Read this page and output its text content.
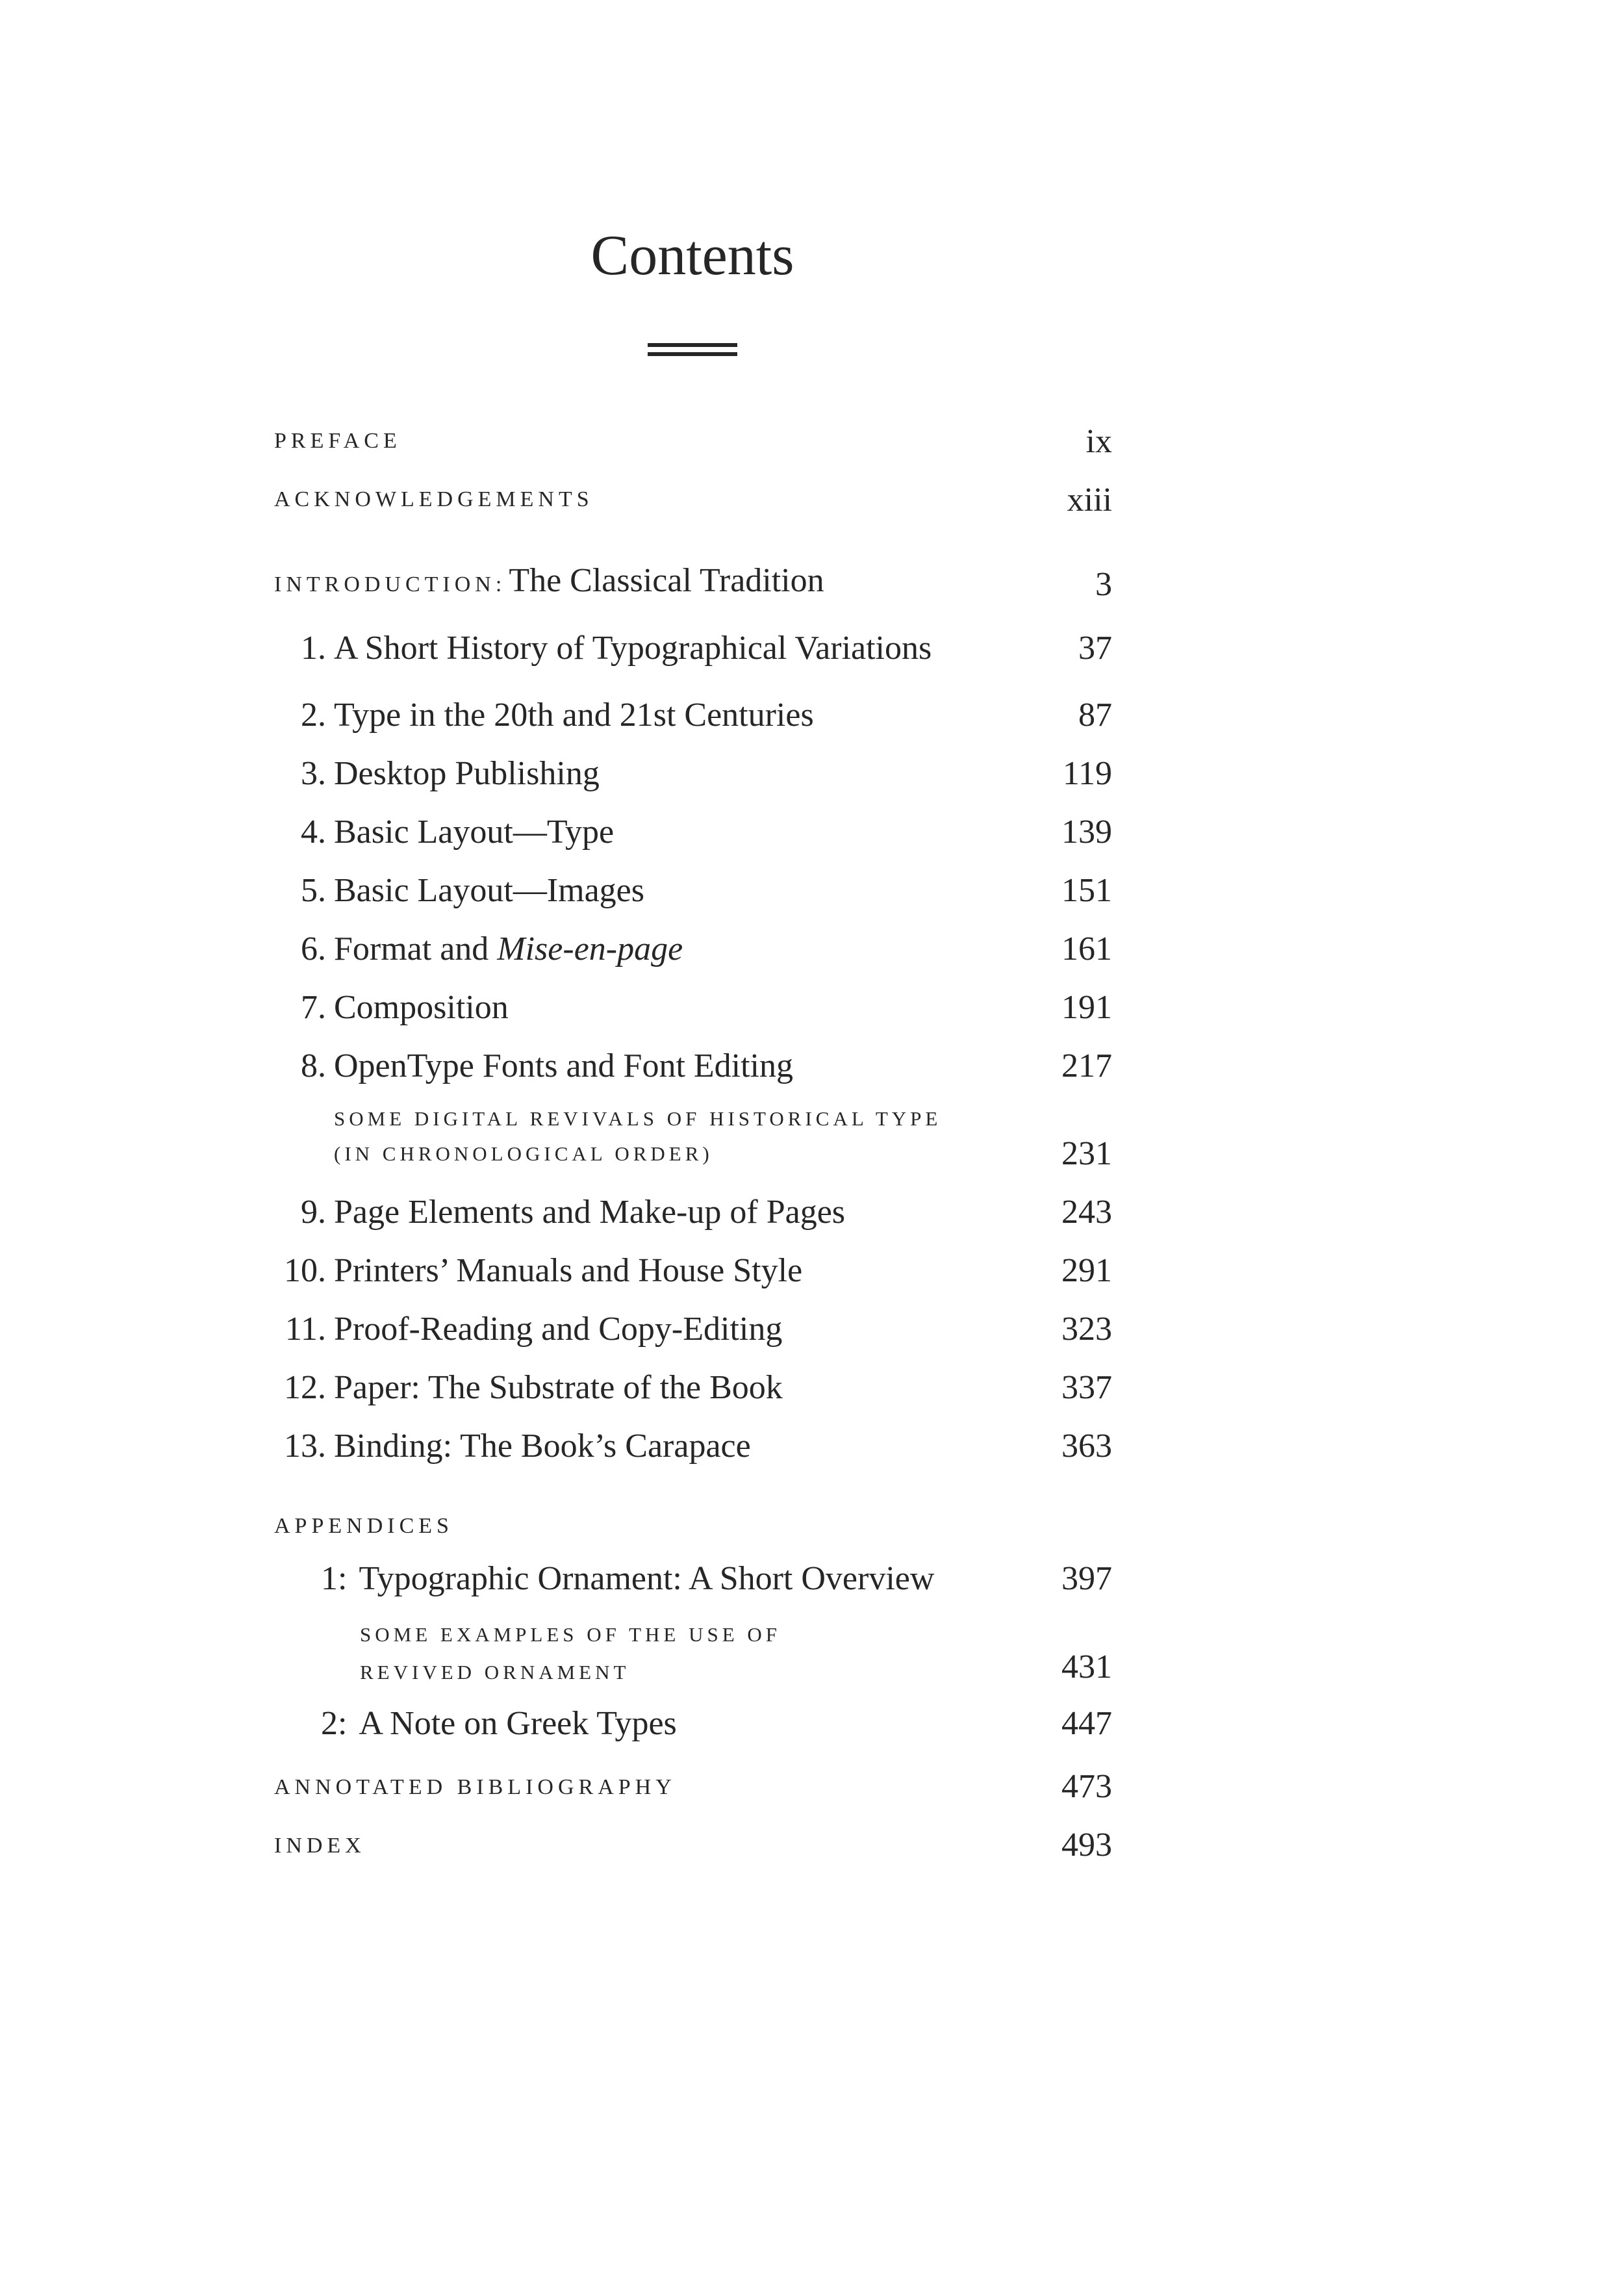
Contents
PREFACE	ix
ACKNOWLEDGEMENTS	xiii
INTRODUCTION: The Classical Tradition	3
1. A Short History of Typographical Variations	37
2. Type in the 20th and 21st Centuries	87
3. Desktop Publishing	119
4. Basic Layout—Type	139
5. Basic Layout—Images	151
6. Format and Mise-en-page	161
7. Composition	191
8. OpenType Fonts and Font Editing	217
SOME DIGITAL REVIVALS OF HISTORICAL TYPE
(IN CHRONOLOGICAL ORDER)	231
9. Page Elements and Make-up of Pages	243
10. Printers’ Manuals and House Style	291
11. Proof-Reading and Copy-Editing	323
12. Paper: The Substrate of the Book	337
13. Binding: The Book’s Carapace	363
APPENDICES
1: Typographic Ornament: A Short Overview	397
SOME EXAMPLES OF THE USE OF
REVIVED ORNAMENT	431
2: A Note on Greek Types	447
ANNOTATED BIBLIOGRAPHY	473
INDEX	493
